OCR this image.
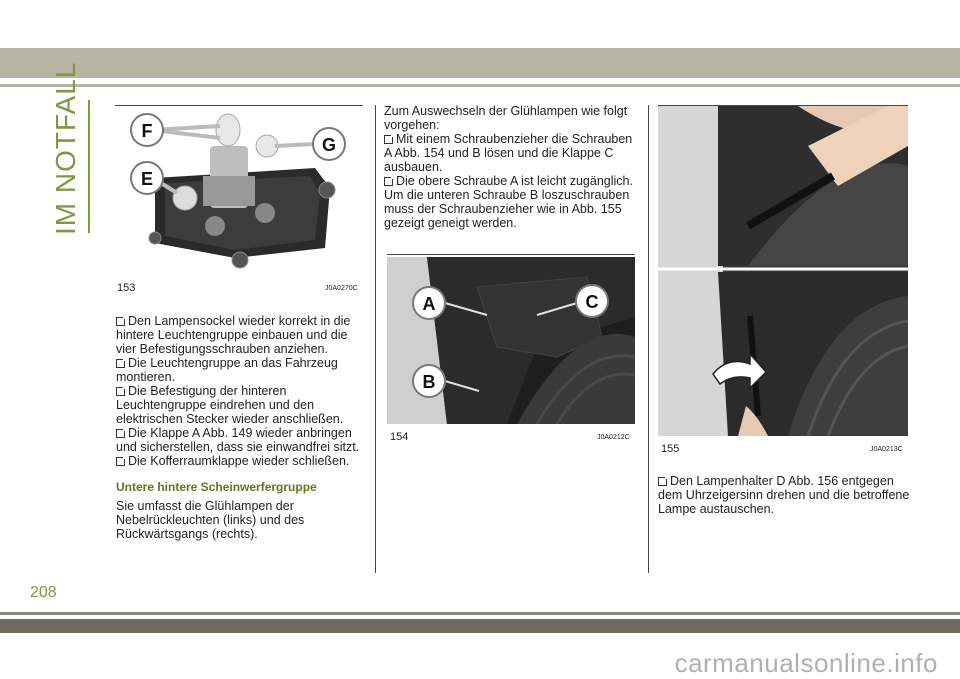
IM NOTFALL	F
G
E
153	J0A0270C

Den Lampensockel wieder korrekt in die hintere Leuchtengruppe einbauen und die vier Befestigungsschrauben anziehen.

Die Leuchtengruppe an das Fahrzeug montieren.

Die Befestigung der hinteren Leuchtengruppe eindrehen und den elektrischen Stecker wieder anschließen.

Die Klappe A Abb. 149 wieder anbringen und sicherstellen, dass sie einwandfrei sitzt.

Die Kofferraumklappe wieder schließen.

Untere hintere Scheinwerfergruppe

Sie umfasst die Glühlampen der Nebelrückleuchten (links) und des Rückwärtsgangs (rechts).

Zum Auswechseln der Glühlampen wie folgt vorgehen:

Mit einem Schraubenzieher die Schrauben A Abb. 154 und B lösen und die Klappe C ausbauen.

Die obere Schraube A ist leicht zugänglich. Um die unteren Schraube B loszuschrauben muss der Schraubenzieher wie in Abb. 155 gezeigt geneigt werden.

A	C
B
154	J0A0212C
155	J0A0213C

Den Lampenhalter D Abb. 156 entgegen dem Uhrzeigersinn drehen und die betroffene Lampe austauschen.

208
carmanualsonline.info
